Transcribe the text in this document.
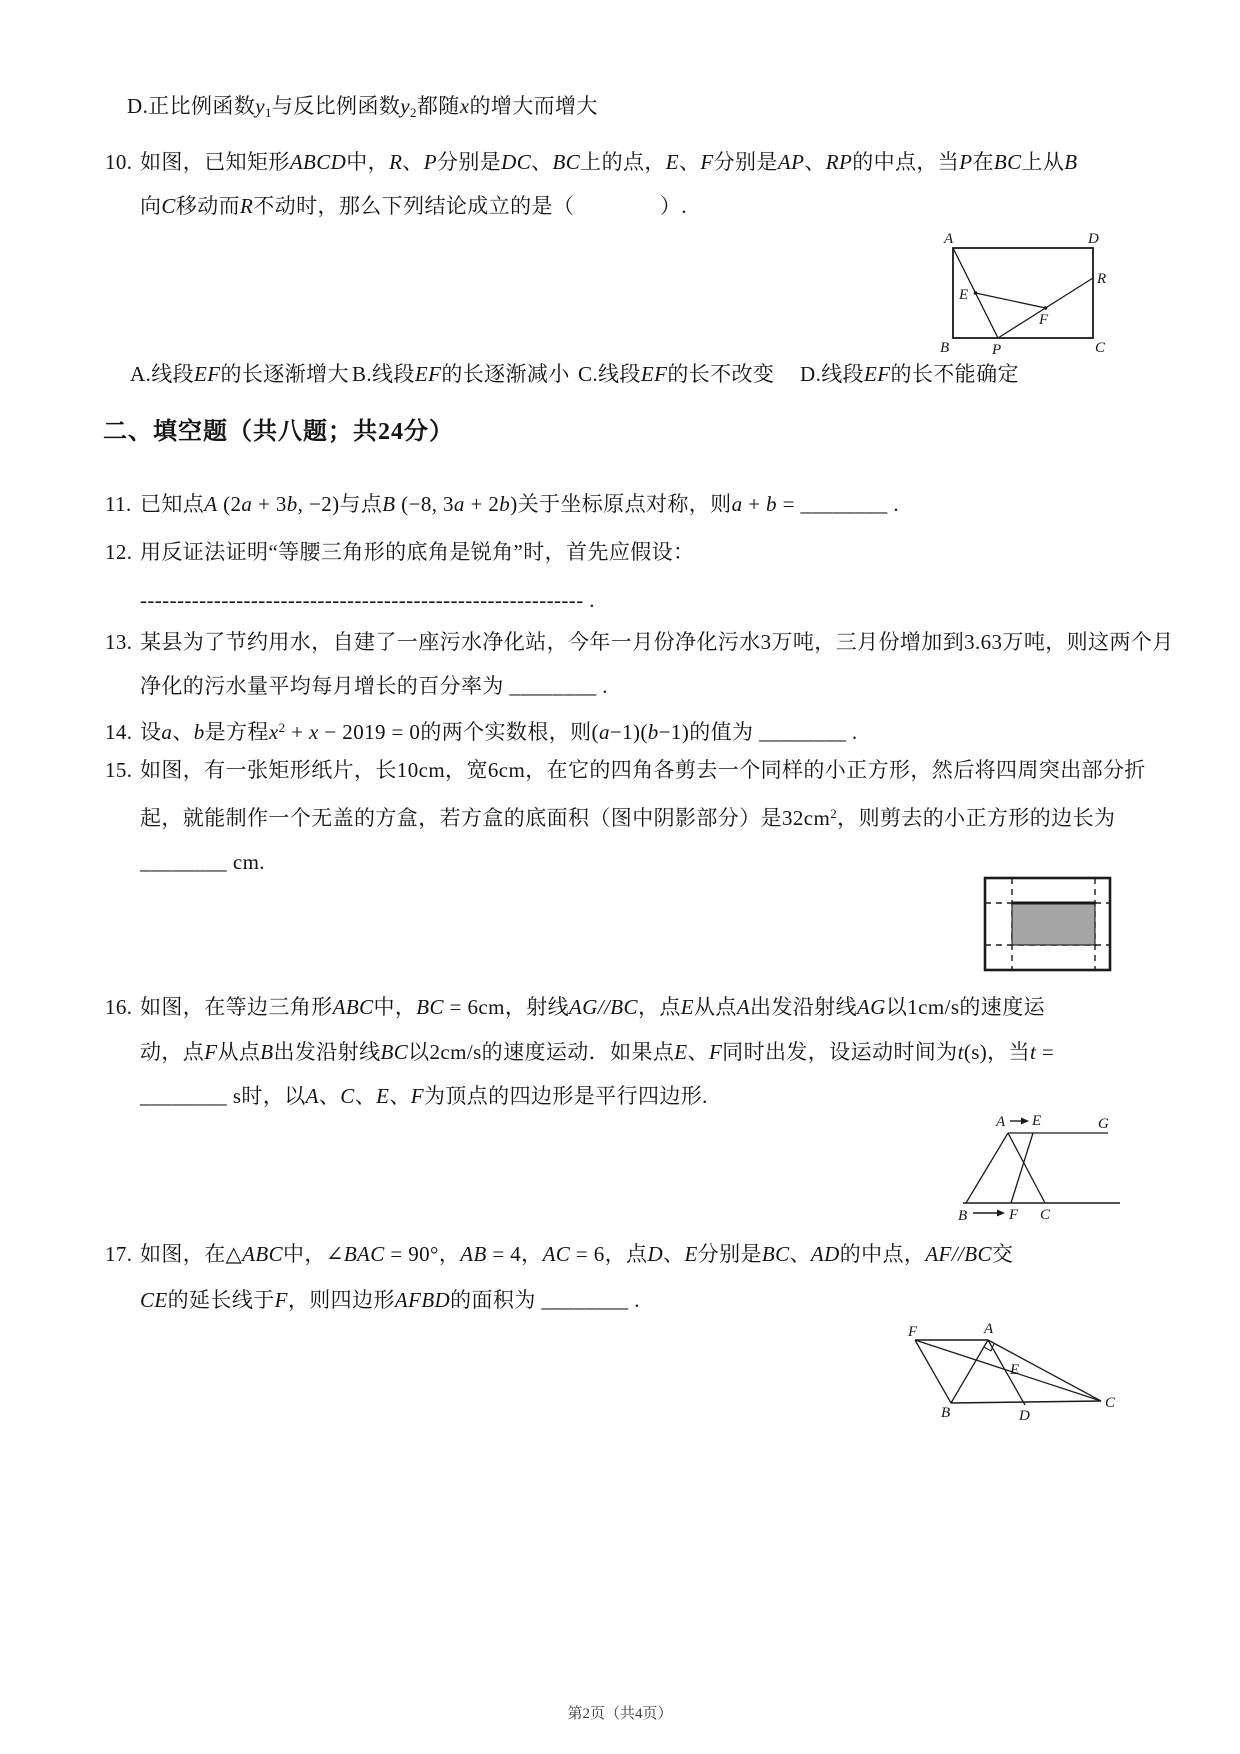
D.正比例函数y1与反比例函数y2都随x的增大而增大
10. 如图，已知矩形ABCD中，R、P分别是DC、BC上的点，E、F分别是AP、RP的中点，当P在BC上从B
向C移动而R不动时，那么下列结论成立的是（　　　　）.
A	D
B	C
R
P
E
F
A.线段EF的长逐渐增大 B.线段EF的长逐渐减小 C.线段EF的长不改变 D.线段EF的长不能确定
二、填空题（共八题；共24分）
11. 已知点A (2a + 3b, −2)与点B (−8, 3a + 2b)关于坐标原点对称，则a + b = ________ .
12. 用反证法证明“等腰三角形的底角是锐角”时，首先应假设：
------------------------------------------------------------ .
13. 某县为了节约用水，自建了一座污水净化站，今年一月份净化污水3万吨，三月份增加到3.63万吨，则这两个月
净化的污水量平均每月增长的百分率为 ________ .
14. 设a、b是方程$x^2 + x - 2019 = 0$的两个实数根，则(a−1)(b−1)的值为 ________ .
15. 如图，有一张矩形纸片，长10cm，宽6cm，在它的四角各剪去一个同样的小正方形，然后将四周突出部分折
起，就能制作一个无盖的方盒，若方盒的底面积（图中阴影部分）是$32cm^2$，则剪去的小正方形的边长为
________ cm.
16. 如图，在等边三角形ABC中，BC = 6cm，射线AG//BC，点E从点A出发沿射线AG以1cm/s的速度运
动，点F从点B出发沿射线BC以2cm/s的速度运动．如果点E、F同时出发，设运动时间为t(s)，当t =
________ s时，以A、C、E、F为顶点的四边形是平行四边形.
A E	G
B	F C
17. 如图，在△ABC中，∠BAC = 90°，AB = 4，AC = 6，点D、E分别是BC、AD的中点，AF//BC交
CE的延长线于F，则四边形AFBD的面积为 ________ .
F	A
E
B	D
C
第2页（共4页）
